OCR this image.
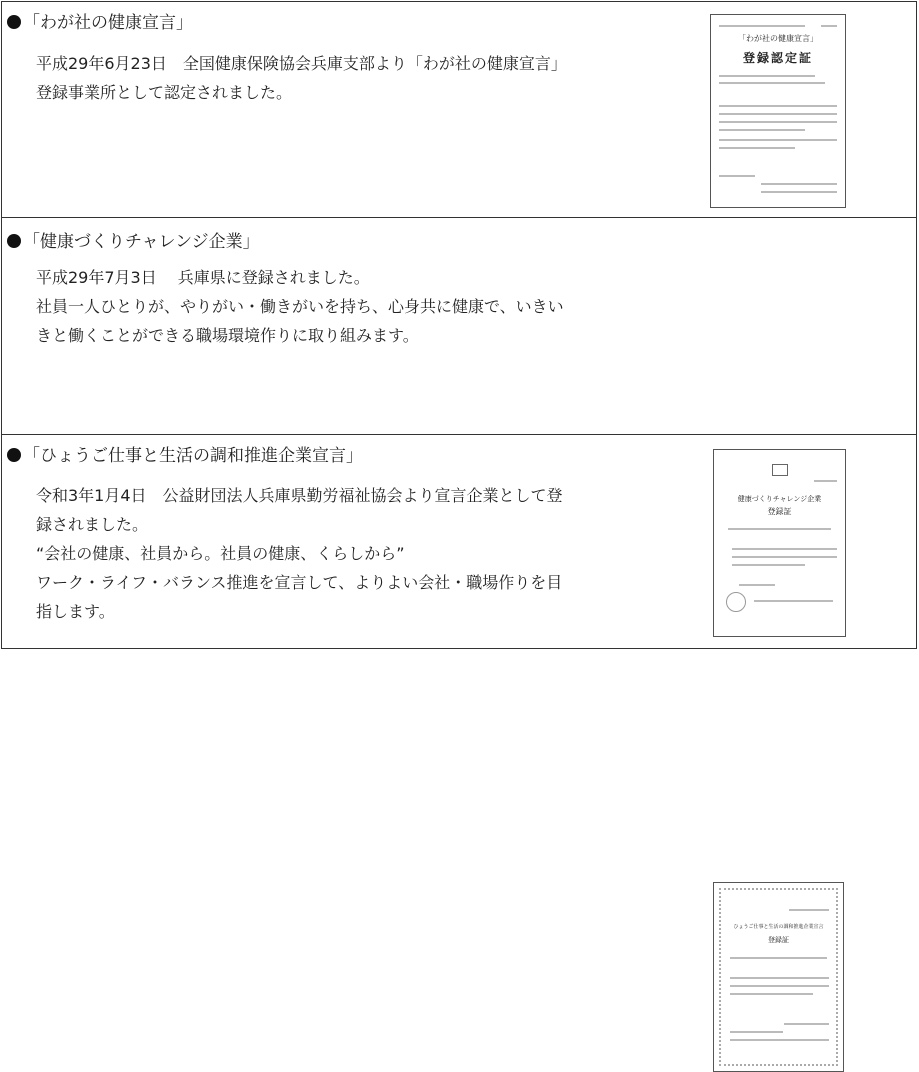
「わが社の健康宣言」
平成29年6月23日　全国健康保険協会兵庫支部より「わが社の健康宣言」
登録事業所として認定されました。
「わが社の健康宣言」
登録認定証
「健康づくりチャレンジ企業」
平成29年7月3日　 兵庫県に登録されました。
社員一人ひとりが、やりがい・働きがいを持ち、心身共に健康で、いきい
きと働くことができる職場環境作りに取り組みます。
健康づくりチャレンジ企業
登録証
「ひょうご仕事と生活の調和推進企業宣言」
令和3年1月4日　公益財団法人兵庫県勤労福祉協会より宣言企業として登
録されました。
“会社の健康、社員から。社員の健康、くらしから”
ワーク・ライフ・バランス推進を宣言して、よりよい会社・職場作りを目
指します。
ひょうご仕事と生活の調和推進企業宣言
登録証
